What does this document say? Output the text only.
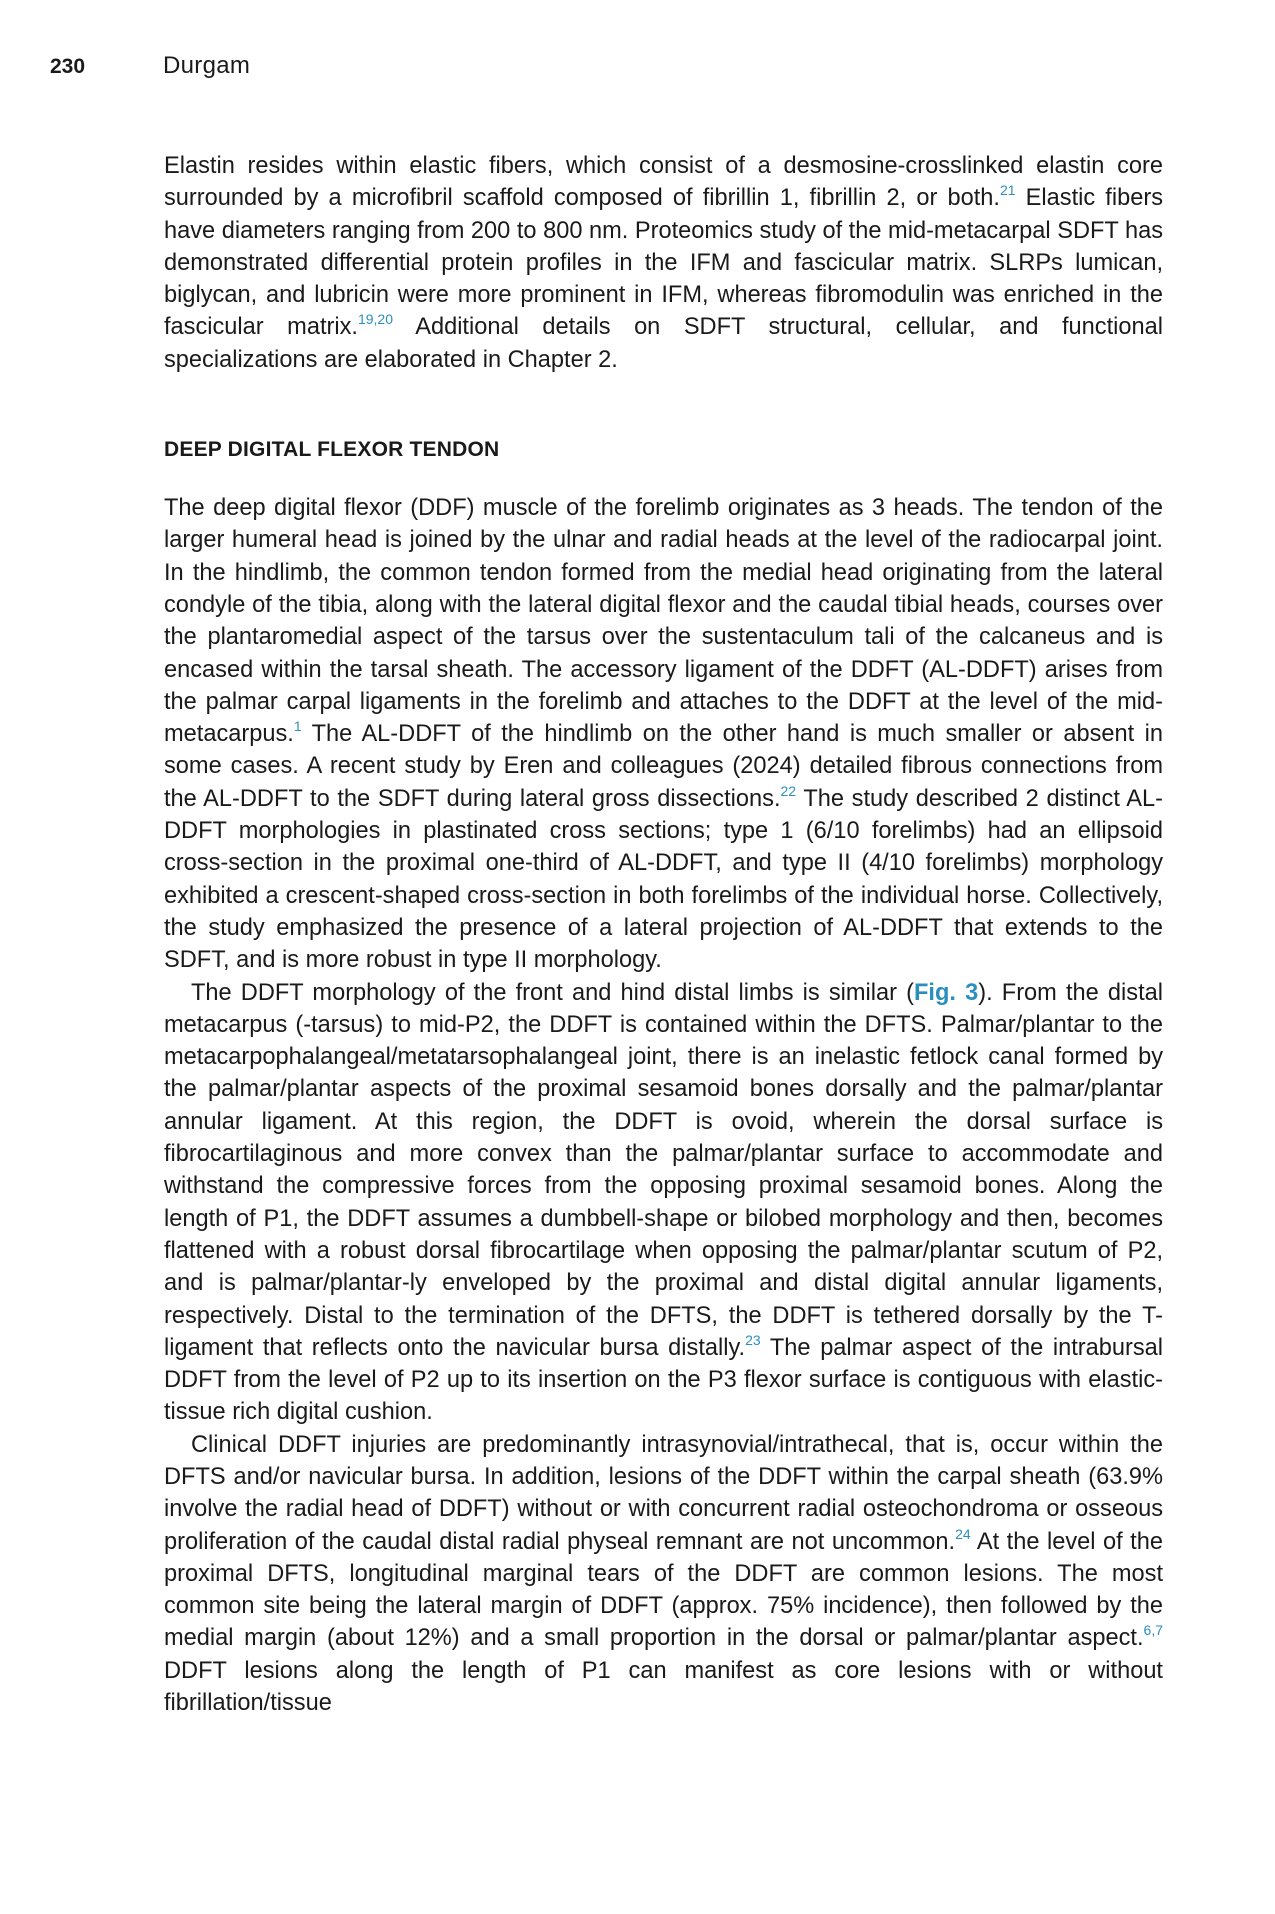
230	Durgam

Elastin resides within elastic fibers, which consist of a desmosine-crosslinked elastin core surrounded by a microfibril scaffold composed of fibrillin 1, fibrillin 2, or both.$^{21}$ Elastic fibers have diameters ranging from 200 to 800 nm. Proteomics study of the mid-metacarpal SDFT has demonstrated differential protein profiles in the IFM and fascicular matrix. SLRPs lumican, biglycan, and lubricin were more prominent in IFM, whereas fibromodulin was enriched in the fascicular matrix.$^{19,20}$ Additional details on SDFT structural, cellular, and functional specializations are elaborated in Chapter 2.

DEEP DIGITAL FLEXOR TENDON

The deep digital flexor (DDF) muscle of the forelimb originates as 3 heads. The tendon of the larger humeral head is joined by the ulnar and radial heads at the level of the radiocarpal joint. In the hindlimb, the common tendon formed from the medial head originating from the lateral condyle of the tibia, along with the lateral digital flexor and the caudal tibial heads, courses over the plantaromedial aspect of the tarsus over the sustentaculum tali of the calcaneus and is encased within the tarsal sheath. The accessory ligament of the DDFT (AL-DDFT) arises from the palmar carpal ligaments in the forelimb and attaches to the DDFT at the level of the mid-metacarpus.$^1$ The AL-DDFT of the hindlimb on the other hand is much smaller or absent in some cases. A recent study by Eren and colleagues (2024) detailed fibrous connections from the AL-DDFT to the SDFT during lateral gross dissections.$^{22}$ The study described 2 distinct AL-DDFT morphologies in plastinated cross sections; type 1 (6/10 forelimbs) had an ellipsoid cross-section in the proximal one-third of AL-DDFT, and type II (4/10 forelimbs) morphology exhibited a crescent-shaped cross-section in both forelimbs of the individual horse. Collectively, the study emphasized the presence of a lateral projection of AL-DDFT that extends to the SDFT, and is more robust in type II morphology.

The DDFT morphology of the front and hind distal limbs is similar (Fig. 3). From the distal metacarpus (-tarsus) to mid-P2, the DDFT is contained within the DFTS. Palmar/​plantar to the metacarpophalangeal/metatarsophalangeal joint, there is an inelastic fetlock canal formed by the palmar/plantar aspects of the proximal sesamoid bones dorsally and the palmar/plantar annular ligament. At this region, the DDFT is ovoid, wherein the dorsal surface is fibrocartilaginous and more convex than the palmar/​plantar surface to accommodate and withstand the compressive forces from the opposing proximal sesamoid bones. Along the length of P1, the DDFT assumes a dumbbell-shape or bilobed morphology and then, becomes flattened with a robust dorsal fibrocartilage when opposing the palmar/plantar scutum of P2, and is palmar/plantar-ly enveloped by the proximal and distal digital annular ligaments, respectively. Distal to the termination of the DFTS, the DDFT is tethered dorsally by the T-ligament that reflects onto the navicular bursa distally.$^{23}$ The palmar aspect of the intrabursal DDFT from the level of P2 up to its insertion on the P3 flexor surface is contiguous with elastic-tissue rich digital cushion.

Clinical DDFT injuries are predominantly intrasynovial/intrathecal, that is, occur within the DFTS and/or navicular bursa. In addition, lesions of the DDFT within the carpal sheath (63.9% involve the radial head of DDFT) without or with concurrent radial osteochondroma or osseous proliferation of the caudal distal radial physeal remnant are not uncommon.$^{24}$ At the level of the proximal DFTS, longitudinal marginal tears of the DDFT are common lesions. The most common site being the lateral margin of DDFT (approx. 75% incidence), then followed by the medial margin (about 12%) and a small proportion in the dorsal or palmar/plantar aspect.$^{6,7}$ DDFT lesions along the length of P1 can manifest as core lesions with or without fibrillation/tissue
